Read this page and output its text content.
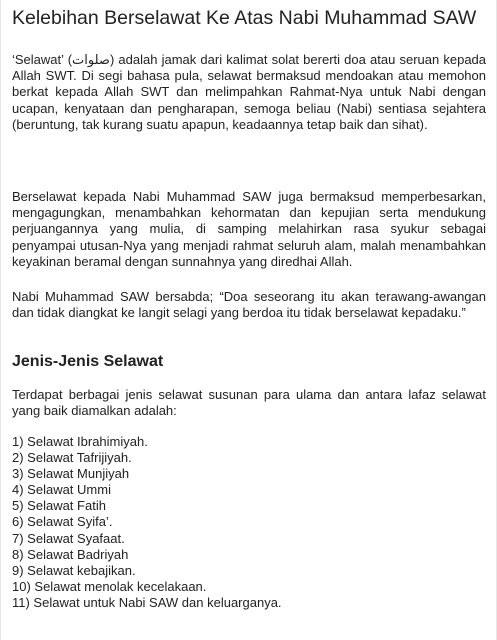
Kelebihan Berselawat Ke Atas Nabi Muhammad SAW

‘Selawat’ (صلوات) adalah jamak dari kalimat solat bererti doa atau seruan kepada Allah SWT. Di segi bahasa pula, selawat bermaksud mendoakan atau memohon berkat kepada Allah SWT dan melimpahkan Rahmat-Nya untuk Nabi dengan ucapan, kenyataan dan pengharapan, semoga beliau (Nabi) sentiasa sejahtera (beruntung, tak kurang suatu apapun, keadaannya tetap baik dan sihat).

Berselawat kepada Nabi Muhammad SAW juga bermaksud memperbesarkan, mengagungkan, menambahkan kehormatan dan kepujian serta mendukung perjuangannya yang mulia, di samping melahirkan rasa syukur sebagai penyampai utusan-Nya yang menjadi rahmat seluruh alam, malah menambahkan keyakinan beramal dengan sunnahnya yang diredhai Allah.

Nabi Muhammad SAW bersabda; “Doa seseorang itu akan terawang-awangan dan tidak diangkat ke langit selagi yang berdoa itu tidak berselawat kepadaku.”

Jenis-Jenis Selawat

Terdapat berbagai jenis selawat susunan para ulama dan antara lafaz selawat yang baik diamalkan adalah:

1) Selawat Ibrahimiyah.
2) Selawat Tafrijiyah.
3) Selawat Munjiyah
4) Selawat Ummi
5) Selawat Fatih
6) Selawat Syifa’.
7) Selawat Syafaat.
8) Selawat Badriyah
9) Selawat kebajikan.
10) Selawat menolak kecelakaan.
11) Selawat untuk Nabi SAW dan keluarganya.
